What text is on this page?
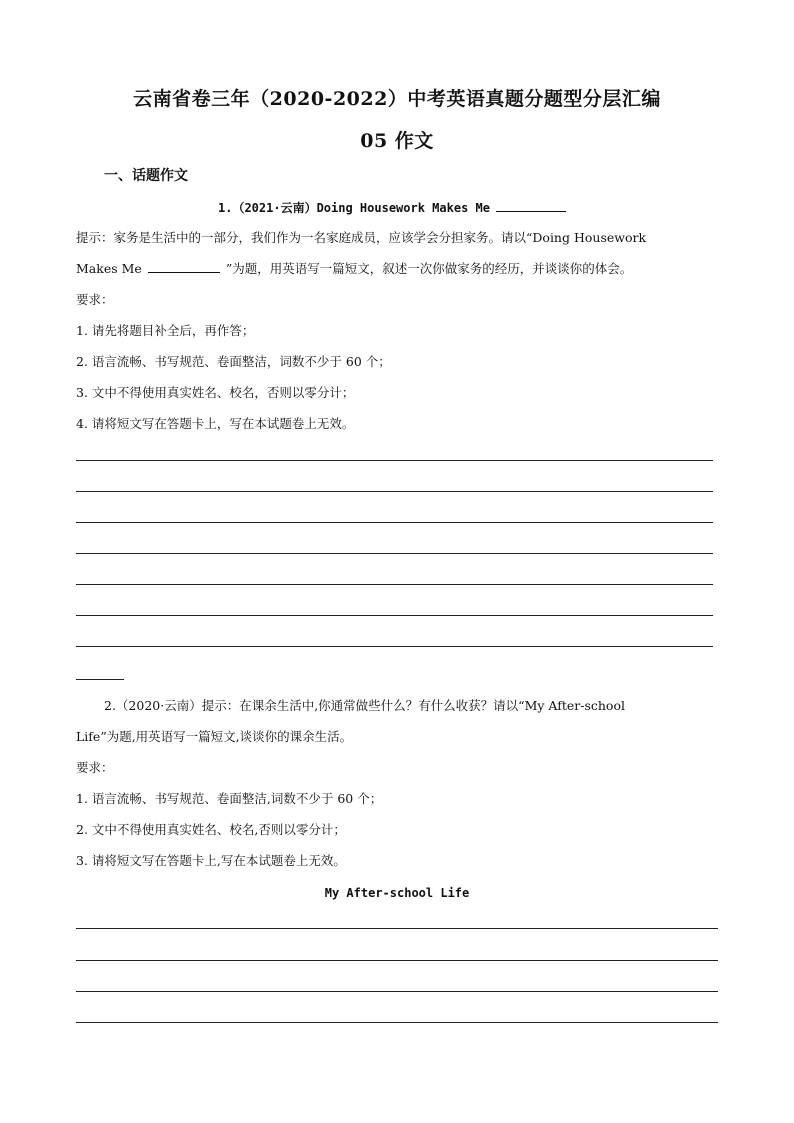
云南省卷三年（2020-2022）中考英语真题分题型分层汇编
05 作文
一、话题作文
1.（2021·云南）Doing Housework Makes Me
提示：家务是生活中的一部分，我们作为一名家庭成员，应该学会分担家务。请以“Doing Housework
Makes Me	”为题，用英语写一篇短文，叙述一次你做家务的经历，并谈谈你的体会。
要求：
1. 请先将题目补全后，再作答；
2. 语言流畅、书写规范、卷面整洁，词数不少于 60 个；
3. 文中不得使用真实姓名、校名，否则以零分计；
4. 请将短文写在答题卡上，写在本试题卷上无效。
2.（2020·云南）提示：在课余生活中,你通常做些什么？有什么收获？请以“My After-school
Life”为题,用英语写一篇短文,谈谈你的课余生活。
要求：
1. 语言流畅、书写规范、卷面整洁,词数不少于 60 个；
2. 文中不得使用真实姓名、校名,否则以零分计；
3. 请将短文写在答题卡上,写在本试题卷上无效。
My After-school Life
